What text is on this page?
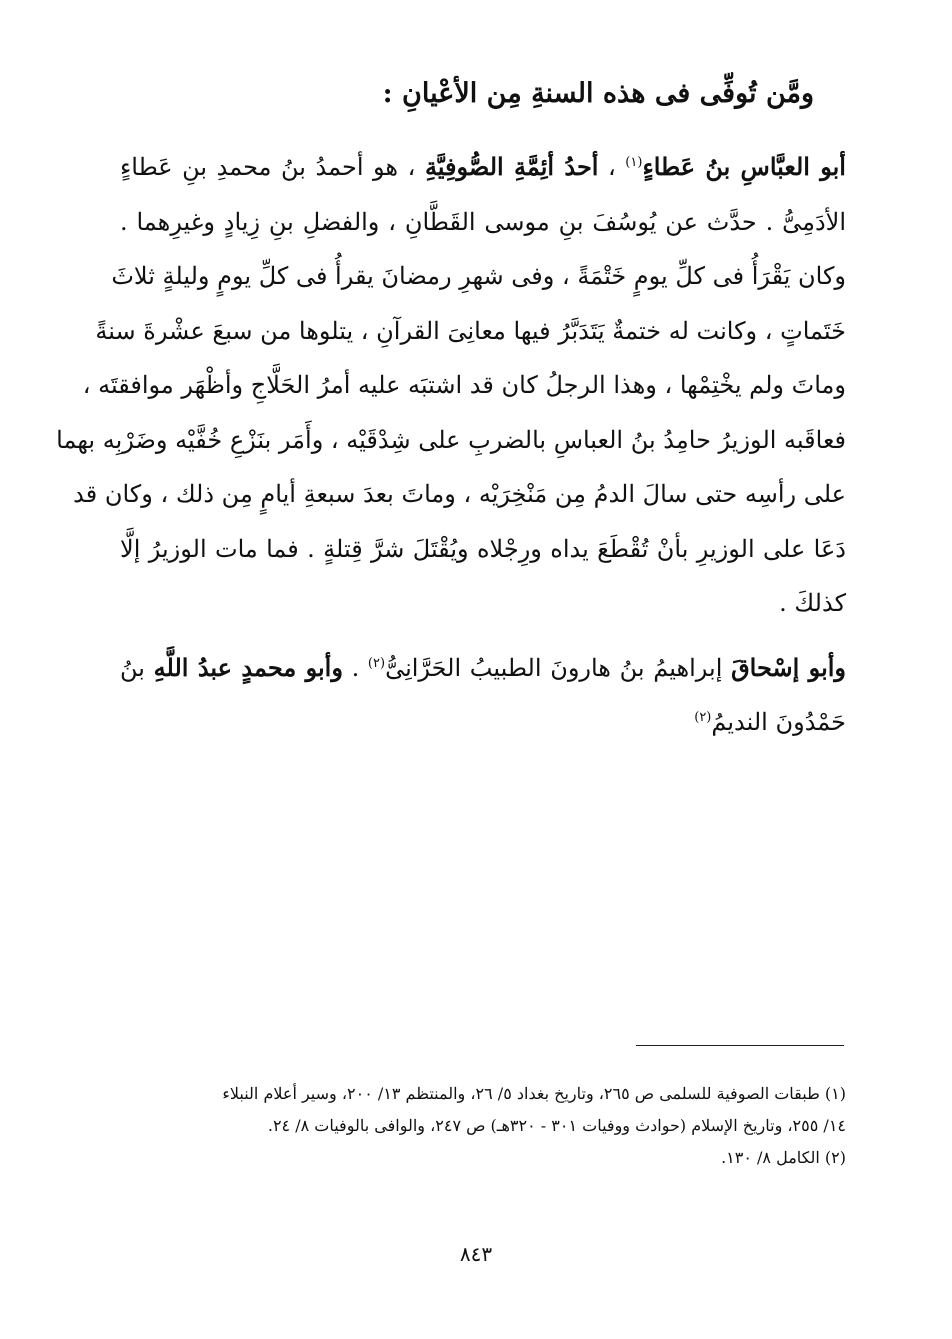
ومَّن تُوفِّى فى هذه السنةِ مِن الأعْيانِ :
أبو العبَّاسِ بنُ عَطاءٍ$^{(١)}$ ، أحدُ أئِمَّةِ الصُّوفِيَّةِ ، هو أحمدُ بنُ محمدِ بنِ عَطاءٍ
الأدَمِىُّ . حدَّث عن يُوسُفَ بنِ موسى القَطَّانِ ، والفضلِ بنِ زِيادٍ وغيرِهما .
وكان يَقْرَأُ فى كلِّ يومٍ خَتْمَةً ، وفى شهرِ رمضانَ يقرأُ فى كلِّ يومٍ وليلةٍ ثلاثَ
خَتَماتٍ ، وكانت له ختمةٌ يَتَدَبَّرُ فيها معانِىَ القرآنِ ، يتلوها من سبعَ عشْرةَ سنةً
وماتَ ولم يخْتِمْها ، وهذا الرجلُ كان قد اشتبَه عليه أمرُ الحَلَّاجِ وأظْهَر موافقتَه ،
فعاقَبه الوزيرُ حامِدُ بنُ العباسِ بالضربِ على شِدْقَيْه ، وأَمَر بنَزْعِ خُفَّيْه وضَرْبِه بهما
على رأسِه حتى سالَ الدمُ مِن مَنْخِرَيْه ، وماتَ بعدَ سبعةِ أيامٍ مِن ذلك ، وكان قد
دَعَا على الوزيرِ بأنْ تُقْطَعَ يداه ورِجْلاه ويُقْتَلَ شرَّ قِتلةٍ . فما مات الوزيرُ إلَّا
كذلكَ .
وأبو إسْحاقَ إبراهيمُ بنُ هارونَ الطبيبُ الحَرَّانِىُّ$^{(٢)}$ . وأبو محمدٍ عبدُ اللَّهِ بنُ
حَمْدُونَ النديمُ$^{(٢)}$
(١) طبقات الصوفية للسلمى ص ٢٦٥، وتاريخ بغداد ٥/ ٢٦، والمنتظم ١٣/ ٢٠٠، وسير أعلام النبلاء
١٤/ ٢٥٥، وتاريخ الإسلام (حوادث ووفيات ٣٠١ - ٣٢٠هـ) ص ٢٤٧، والوافى بالوفيات ٨/ ٢٤.
(٢) الكامل ٨/ ١٣٠.
٨٤٣
